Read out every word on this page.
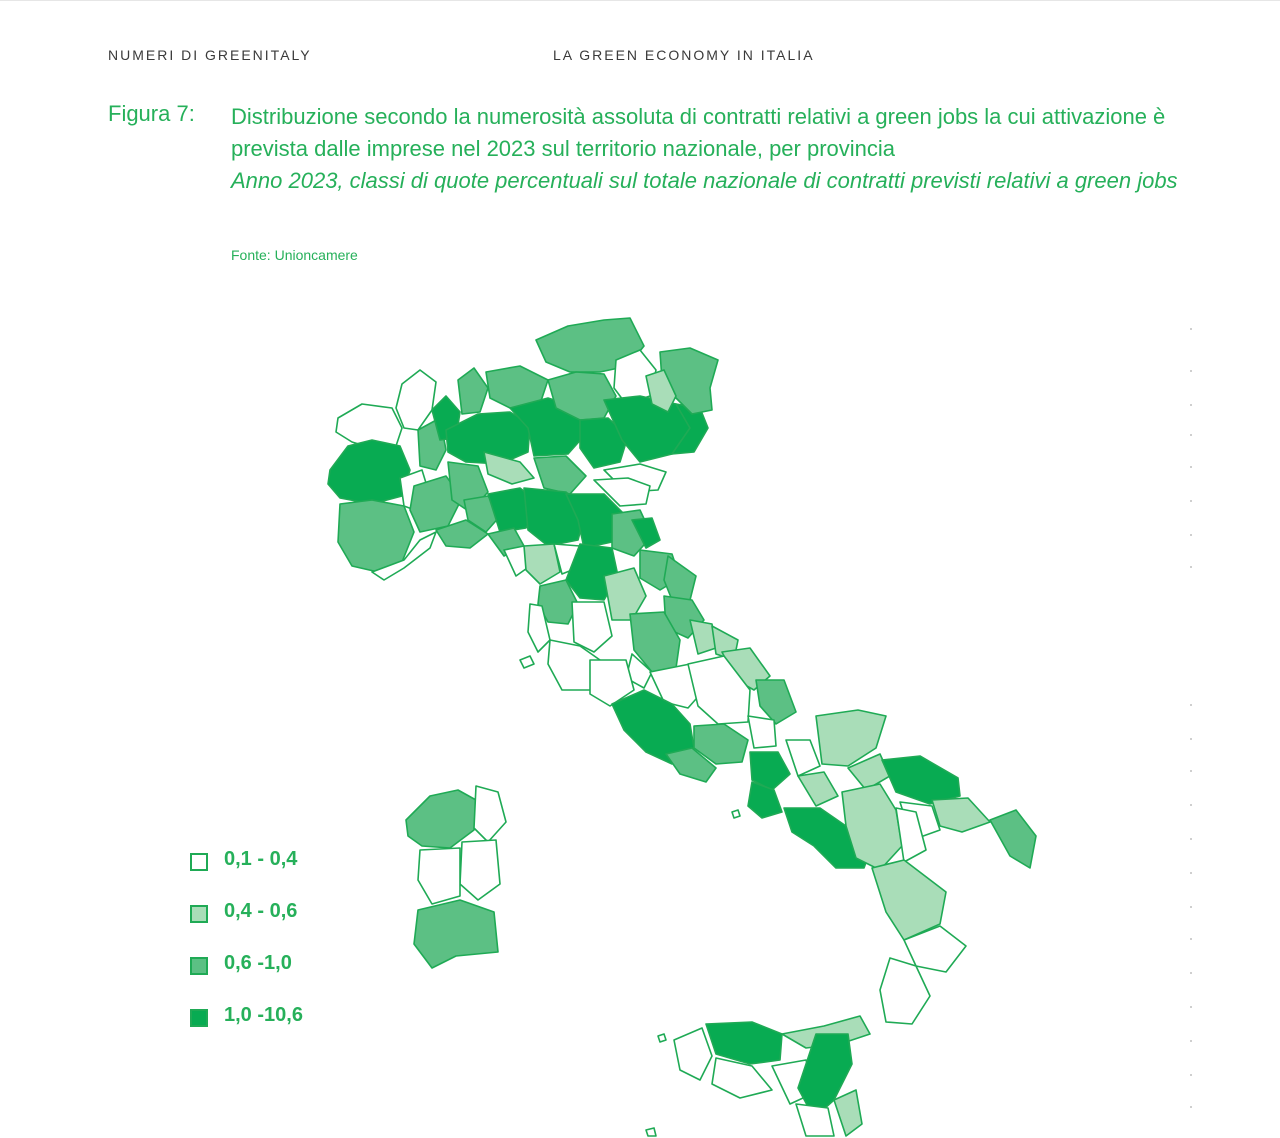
NUMERI DI GREENITALY	LA GREEN ECONOMY IN ITALIA
Figura 7: Distribuzione secondo la numerosità assoluta di contratti relativi a green jobs la cui attivazione è prevista dalle imprese nel 2023 sul territorio nazionale, per provincia
Anno 2023, classi di quote percentuali sul totale nazionale di contratti previsti relativi a green jobs
Fonte: Unioncamere
0,1 - 0,4
0,4 - 0,6
0,6 -1,0
1,0 -10,6
